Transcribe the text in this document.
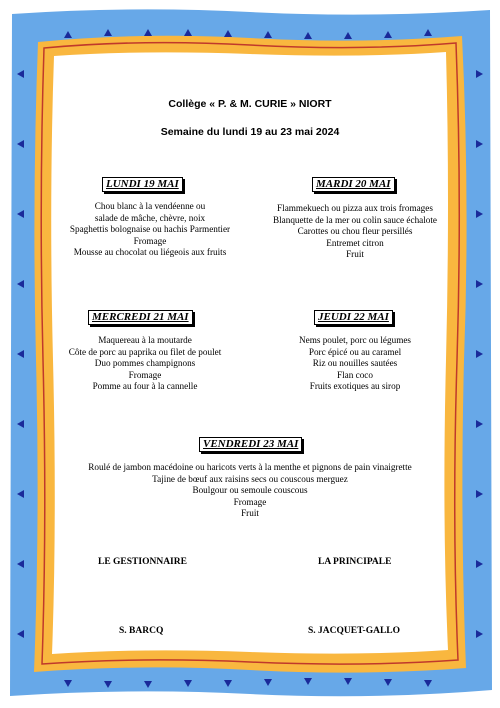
Collège « P. & M. CURIE » NIORT
Semaine du lundi 19 au 23 mai 2024
LUNDI 19 MAI
Chou blanc à la vendéenne ou
salade de mâche, chèvre, noix
Spaghettis bolognaise ou hachis Parmentier
Fromage
Mousse au chocolat ou liégeois aux fruits
MARDI 20 MAI
Flammekuech ou pizza aux trois fromages
Blanquette de la mer ou colin sauce échalote
Carottes ou chou fleur persillés
Entremet citron
Fruit
MERCREDI 21 MAI
Maquereau à la moutarde
Côte de porc au paprika ou filet de poulet
Duo pommes champignons
Fromage
Pomme au four à la cannelle
JEUDI 22 MAI
Nems poulet, porc ou légumes
Porc épicé ou au caramel
Riz ou nouilles sautées
Flan coco
Fruits exotiques au sirop
VENDREDI 23 MAI
Roulé de jambon macédoine ou haricots verts à la menthe et pignons de pain vinaigrette
Tajine de bœuf aux raisins secs ou couscous merguez
Boulgour ou semoule couscous
Fromage
Fruit
LE GESTIONNAIRE	LA PRINCIPALE
S. BARCQ	S. JACQUET-GALLO
